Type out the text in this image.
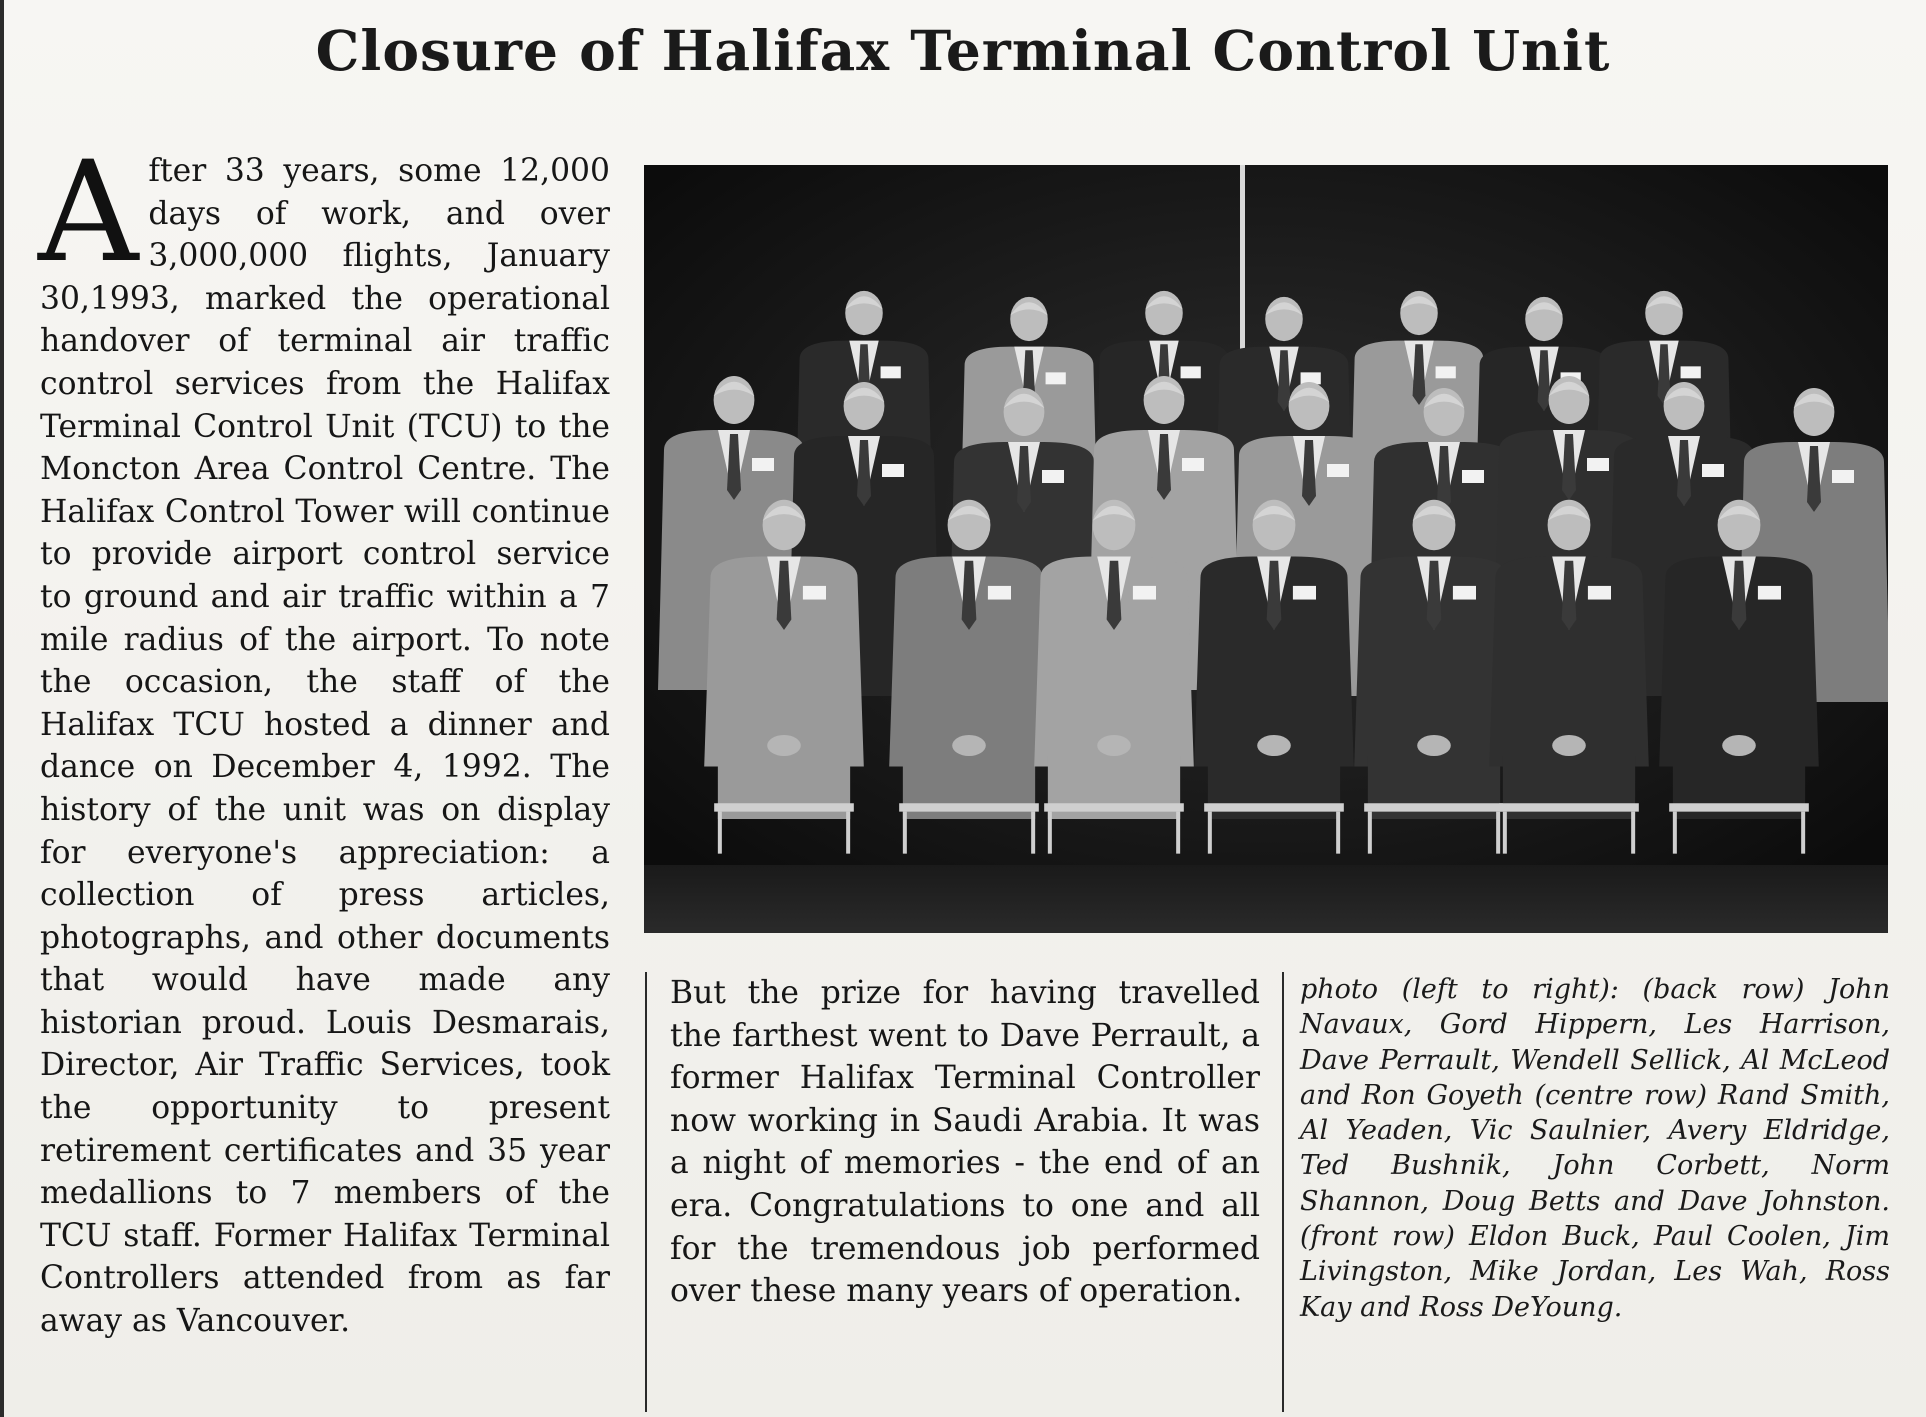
Closure of Halifax Terminal Control Unit
A fter 33 years, some 12,000 days of work, and over 3,000,000 flights, January 30,1993, marked the operational handover of terminal air traffic control services from the Halifax Terminal Control Unit (TCU) to the Moncton Area Control Centre. The Halifax Control Tower will continue to provide airport control service to ground and air traffic within a 7 mile radius of the airport. To note the occasion, the staff of the Halifax TCU hosted a dinner and dance on December 4, 1992. The history of the unit was on display for everyone's appreciation: a collection of press articles, photographs, and other documents that would have made any historian proud. Louis Desmarais, Director, Air Traffic Services, took the opportunity to present retirement certificates and 35 year medallions to 7 members of the TCU staff. Former Halifax Terminal Controllers attended from as far away as Vancouver.
But the prize for having travelled the farthest went to Dave Perrault, a former Halifax Terminal Controller now working in Saudi Arabia. It was a night of memories - the end of an era. Congratulations to one and all for the tremendous job performed over these many years of operation.
photo (left to right): (back row) John Navaux, Gord Hippern, Les Harrison, Dave Perrault, Wendell Sellick, Al McLeod and Ron Goyeth (centre row) Rand Smith, Al Yeaden, Vic Saulnier, Avery Eldridge, Ted Bushnik, John Corbett, Norm Shannon, Doug Betts and Dave Johnston. (front row) Eldon Buck, Paul Coolen, Jim Livingston, Mike Jordan, Les Wah, Ross Kay and Ross DeYoung.
